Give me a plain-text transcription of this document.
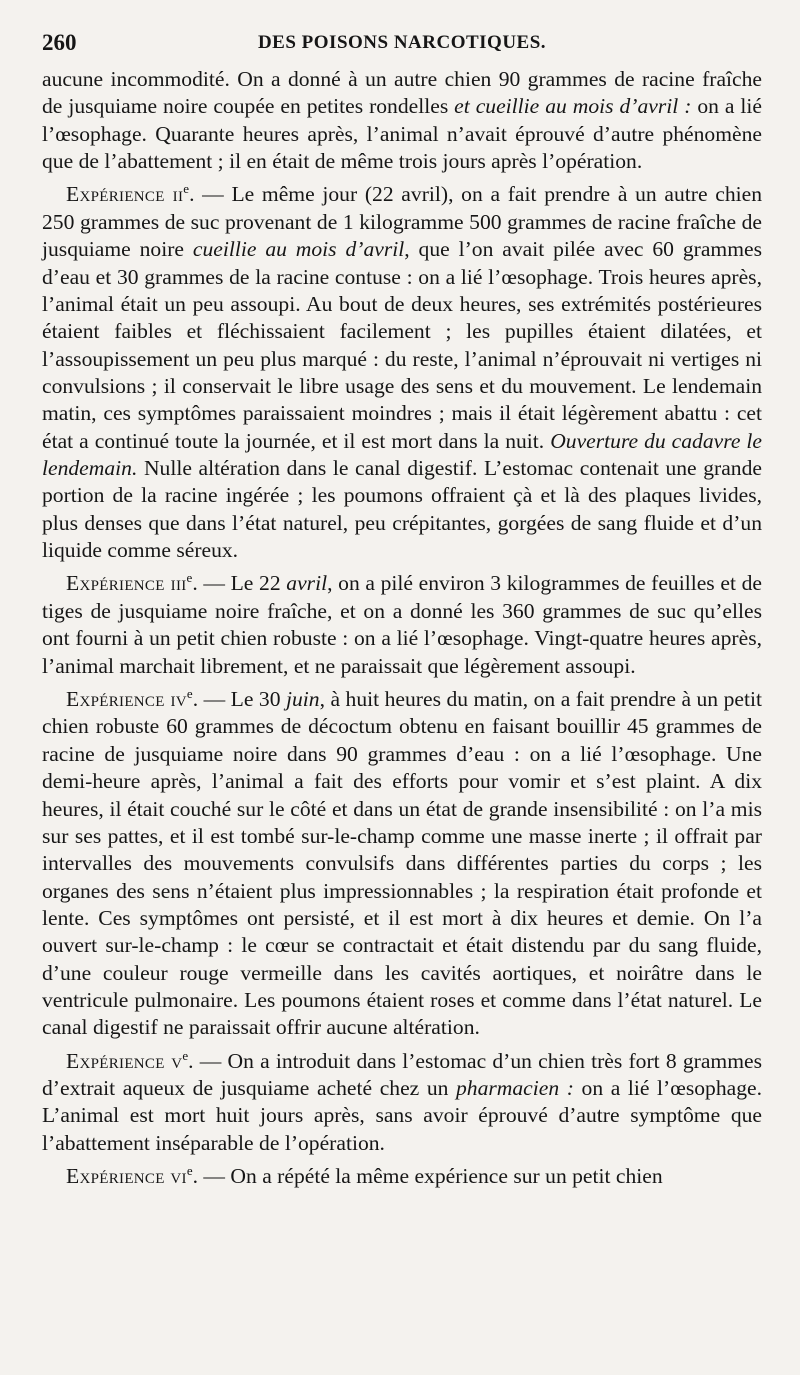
260	DES POISONS NARCOTIQUES.

aucune incommodité. On a donné à un autre chien 90 grammes de racine fraîche de jusquiame noire coupée en petites rondelles et cueillie au mois d’avril : on a lié l’œsophage. Quarante heures après, l’animal n’avait éprouvé d’autre phénomène que de l’abattement ; il en était de même trois jours après l’opération.

Expérience $ii^e$. — Le même jour (22 avril), on a fait prendre à un autre chien 250 grammes de suc provenant de 1 kilogramme 500 grammes de racine fraîche de jusquiame noire cueillie au mois d’avril, que l’on avait pilée avec 60 grammes d’eau et 30 grammes de la racine contuse : on a lié l’œsophage. Trois heures après, l’animal était un peu assoupi. Au bout de deux heures, ses extrémités postérieures étaient faibles et fléchissaient facilement ; les pupilles étaient dilatées, et l’assoupissement un peu plus marqué : du reste, l’animal n’éprouvait ni vertiges ni convulsions ; il conservait le libre usage des sens et du mouvement. Le lendemain matin, ces symptômes paraissaient moindres ; mais il était légèrement abattu : cet état a continué toute la journée, et il est mort dans la nuit. Ouverture du cadavre le lendemain. Nulle altération dans le canal digestif. L’estomac contenait une grande portion de la racine ingérée ; les poumons offraient çà et là des plaques livides, plus denses que dans l’état naturel, peu crépitantes, gorgées de sang fluide et d’un liquide comme séreux.

Expérience iii$^e$. — Le 22 avril, on a pilé environ 3 kilogrammes de feuilles et de tiges de jusquiame noire fraîche, et on a donné les 360 grammes de suc qu’elles ont fourni à un petit chien robuste : on a lié l’œsophage. Vingt-quatre heures après, l’animal marchait librement, et ne paraissait que légèrement assoupi.

Expérience $iv^e$. — Le 30 juin, à huit heures du matin, on a fait prendre à un petit chien robuste 60 grammes de décoctum obtenu en faisant bouillir 45 grammes de racine de jusquiame noire dans 90 grammes d’eau : on a lié l’œsophage. Une demi-heure après, l’animal a fait des efforts pour vomir et s’est plaint. A dix heures, il était couché sur le côté et dans un état de grande insensibilité : on l’a mis sur ses pattes, et il est tombé sur-le-champ comme une masse inerte ; il offrait par intervalles des mouvements convulsifs dans différentes parties du corps ; les organes des sens n’étaient plus impressionnables ; la respiration était profonde et lente. Ces symptômes ont persisté, et il est mort à dix heures et demie. On l’a ouvert sur-le-champ : le cœur se contractait et était distendu par du sang fluide, d’une couleur rouge vermeille dans les cavités aortiques, et noirâtre dans le ventricule pulmonaire. Les poumons étaient roses et comme dans l’état naturel. Le canal digestif ne paraissait offrir aucune altération.

Expérience $v^e$. — On a introduit dans l’estomac d’un chien très fort 8 grammes d’extrait aqueux de jusquiame acheté chez un pharmacien : on a lié l’œsophage. L’animal est mort huit jours après, sans avoir éprouvé d’autre symptôme que l’abattement inséparable de l’opération.

Expérience $vi^e$. — On a répété la même expérience sur un petit chien
